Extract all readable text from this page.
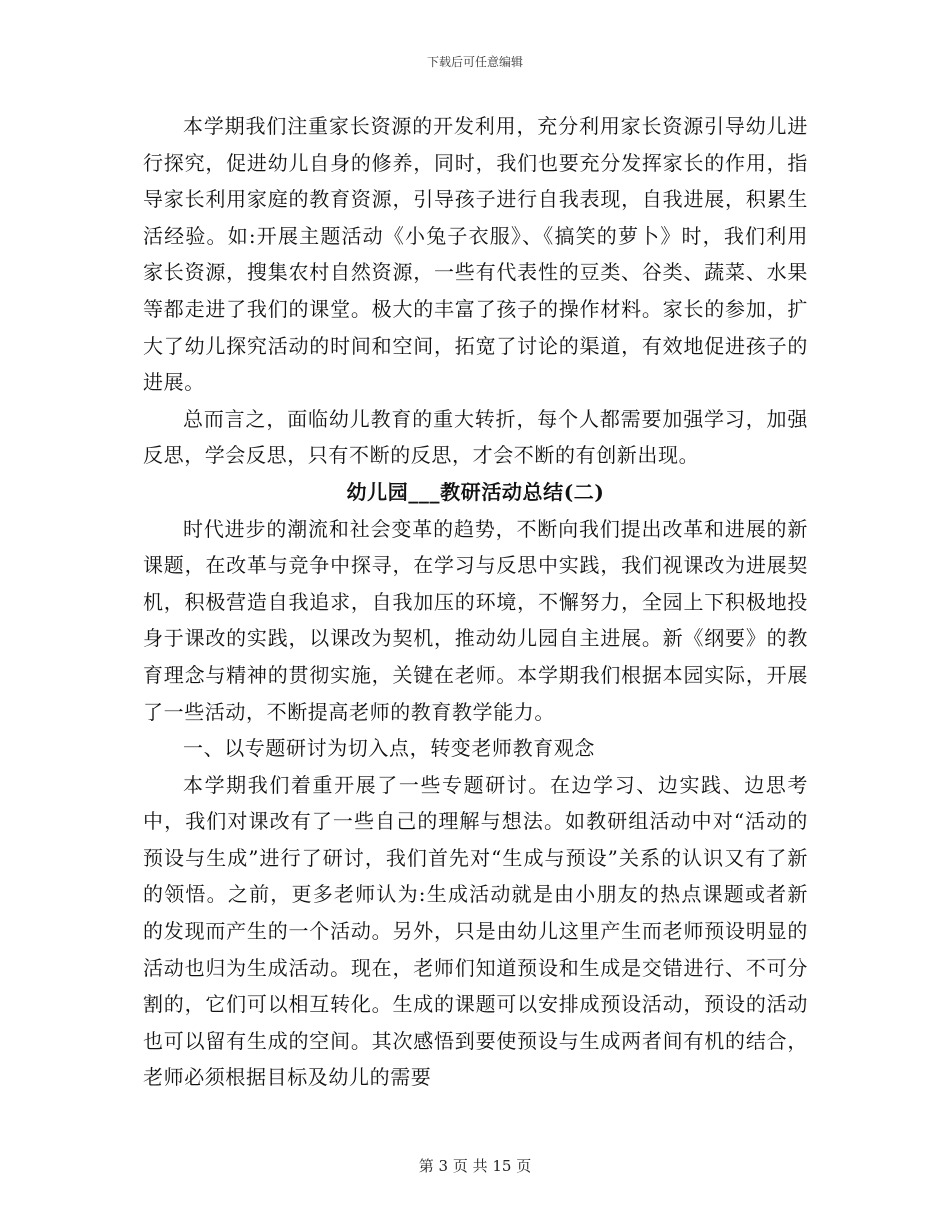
下载后可任意编辑

本学期我们注重家长资源的开发利用，充分利用家长资源引导幼儿进行探究，促进幼儿自身的修养，同时，我们也要充分发挥家长的作用，指导家长利用家庭的教育资源，引导孩子进行自我表现，自我进展，积累生活经验。如:开展主题活动《小兔子衣服》、《搞笑的萝卜》时，我们利用家长资源，搜集农村自然资源，一些有代表性的豆类、谷类、蔬菜、水果等都走进了我们的课堂。极大的丰富了孩子的操作材料。家长的参加，扩大了幼儿探究活动的时间和空间，拓宽了讨论的渠道，有效地促进孩子的进展。

总而言之，面临幼儿教育的重大转折，每个人都需要加强学习，加强反思，学会反思，只有不断的反思，才会不断的有创新出现。

幼儿园___教研活动总结(二)

时代进步的潮流和社会变革的趋势，不断向我们提出改革和进展的新课题，在改革与竞争中探寻，在学习与反思中实践，我们视课改为进展契机，积极营造自我追求，自我加压的环境，不懈努力，全园上下积极地投身于课改的实践，以课改为契机，推动幼儿园自主进展。新《纲要》的教育理念与精神的贯彻实施，关键在老师。本学期我们根据本园实际，开展了一些活动，不断提高老师的教育教学能力。

一、以专题研讨为切入点，转变老师教育观念

本学期我们着重开展了一些专题研讨。在边学习、边实践、边思考中，我们对课改有了一些自己的理解与想法。如教研组活动中对“活动的预设与生成”进行了研讨，我们首先对“生成与预设”关系的认识又有了新的领悟。之前，更多老师认为:生成活动就是由小朋友的热点课题或者新的发现而产生的一个活动。另外，只是由幼儿这里产生而老师预设明显的活动也归为生成活动。现在，老师们知道预设和生成是交错进行、不可分割的，它们可以相互转化。生成的课题可以安排成预设活动，预设的活动也可以留有生成的空间。其次感悟到要使预设与生成两者间有机的结合，老师必须根据目标及幼儿的需要

第 3 页 共 15 页
